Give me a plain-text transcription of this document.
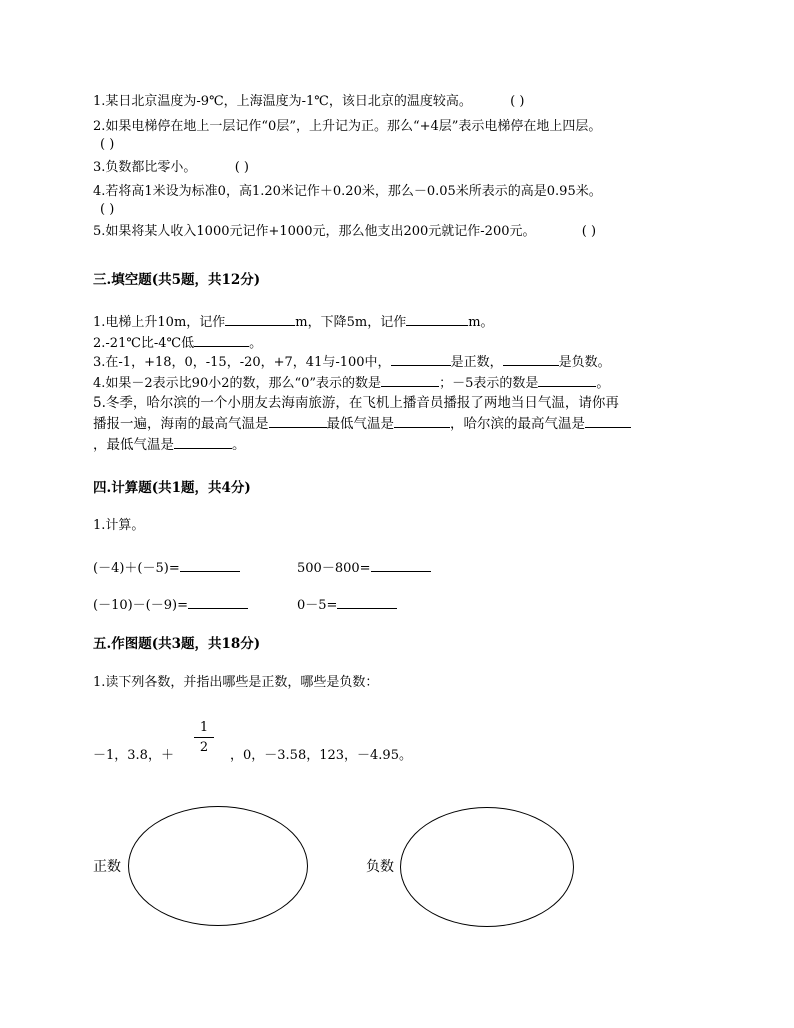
1.某日北京温度为-9℃，上海温度为-1℃，该日北京的温度较高。	( )
2.如果电梯停在地上一层记作“0层”，上升记为正。那么“+4层”表示电梯停在地上四层。
( )
3.负数都比零小。	( )
4.若将高1米设为标准0，高1.20米记作＋0.20米，那么－0.05米所表示的高是0.95米。
( )
5.如果将某人收入1000元记作+1000元，那么他支出200元就记作-200元。	( )
三.填空题(共5题，共12分)
1.电梯上升10m，记作	m，下降5m，记作	m。
2.-21℃比-4℃低	。
3.在-1，+18，0，-15，-20，+7，41与-100中，	是正数，	是负数。
4.如果－2表示比90小2的数，那么“0”表示的数是	；－5表示的数是	。
5.冬季，哈尔滨的一个小朋友去海南旅游，在飞机上播音员播报了两地当日气温，请你再
播报一遍，海南的最高气温是	最低气温是	，哈尔滨的最高气温是
，最低气温是	。
四.计算题(共1题，共4分)
1.计算。
(－4)＋(－5)=	500－800=
(－10)－(－9)=	0－5=
五.作图题(共3题，共18分)
1.读下列各数，并指出哪些是正数，哪些是负数：
－1，3.8，＋
1
2
，0，－3.58，123，－4.95。
正数	负数
